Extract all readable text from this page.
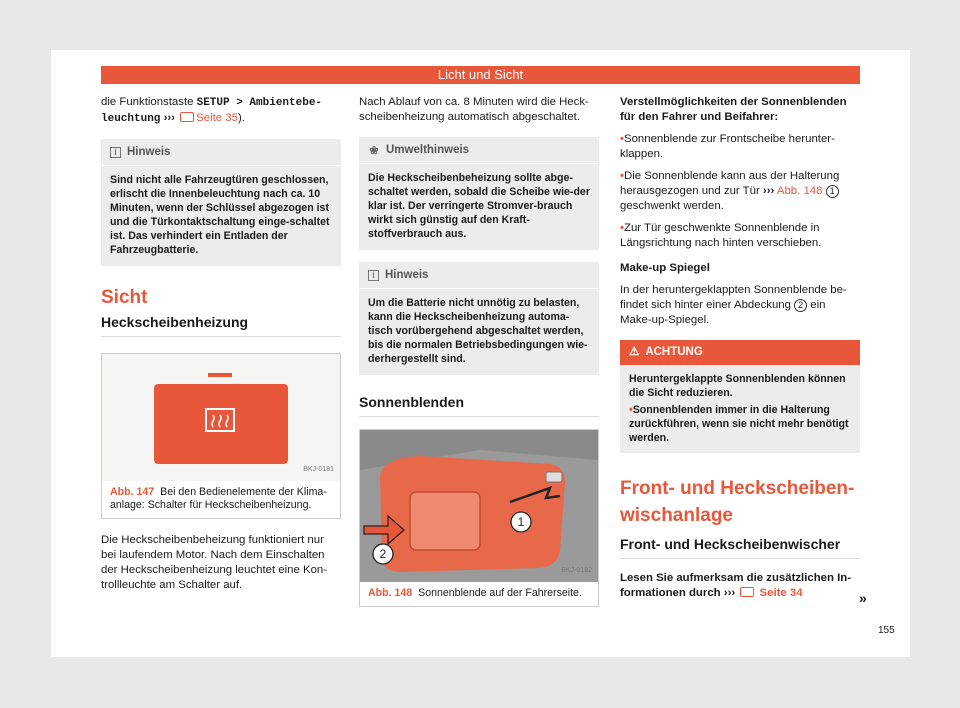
Licht und Sicht

die Funktionstaste SETUP > Ambientebe-leuchtung ››› Seite 35).

i Hinweis
Sind nicht alle Fahrzeugtüren geschlossen, erlischt die Innenbeleuchtung nach ca. 10 Minuten, wenn der Schlüssel abgezogen ist und die Türkontaktschaltung einge-schaltet ist. Das verhindert ein Entladen der Fahrzeugbatterie.
Sicht
Heckscheibenheizung
BKJ-0181
Abb. 147 Bei den Bedienelemente der Klima-anlage: Schalter für Heckscheibenheizung.

Die Heckscheibenbeheizung funktioniert nur bei laufendem Motor. Nach dem Einschalten der Heckscheibenheizung leuchtet eine Kon-trollleuchte am Schalter auf.

Nach Ablauf von ca. 8 Minuten wird die Heck-scheibenheizung automatisch abgeschaltet.

❀ Umwelthinweis
Die Heckscheibenbeheizung sollte abge-schaltet werden, sobald die Scheibe wie-der klar ist. Der verringerte Stromver-brauch wirkt sich günstig auf den Kraft-stoffverbrauch aus.
i Hinweis
Um die Batterie nicht unnötig zu belasten, kann die Heckscheibenheizung automa-tisch vorübergehend abgeschaltet werden, bis die normalen Betriebsbedingungen wie-derhergestellt sind.
Sonnenblenden
1
2
BKJ-0182
Abb. 148 Sonnenblende auf der Fahrerseite.

Verstellmöglichkeiten der Sonnenblenden für den Fahrer und Beifahrer:

• Sonnenblende zur Frontscheibe herunter-klappen.

• Die Sonnenblende kann aus der Halterung herausgezogen und zur Tür ››› Abb. 148 1
geschwenkt werden.

• Zur Tür geschwenkte Sonnenblende in Längsrichtung nach hinten verschieben.

Make-up Spiegel

In der heruntergeklappten Sonnenblende be-findet sich hinter einer Abdeckung 2 ein Make-up-Spiegel.

⚠ ACHTUNG
Heruntergeklappte Sonnenblenden können die Sicht reduzieren.
• Sonnenblenden immer in die Halterung zurückführen, wenn sie nicht mehr benötigt werden.
Front- und Heckscheiben-wischanlage
Front- und Heckscheibenwischer

Lesen Sie aufmerksam die zusätzlichen In-formationen durch ››› Seite 34	»
155
